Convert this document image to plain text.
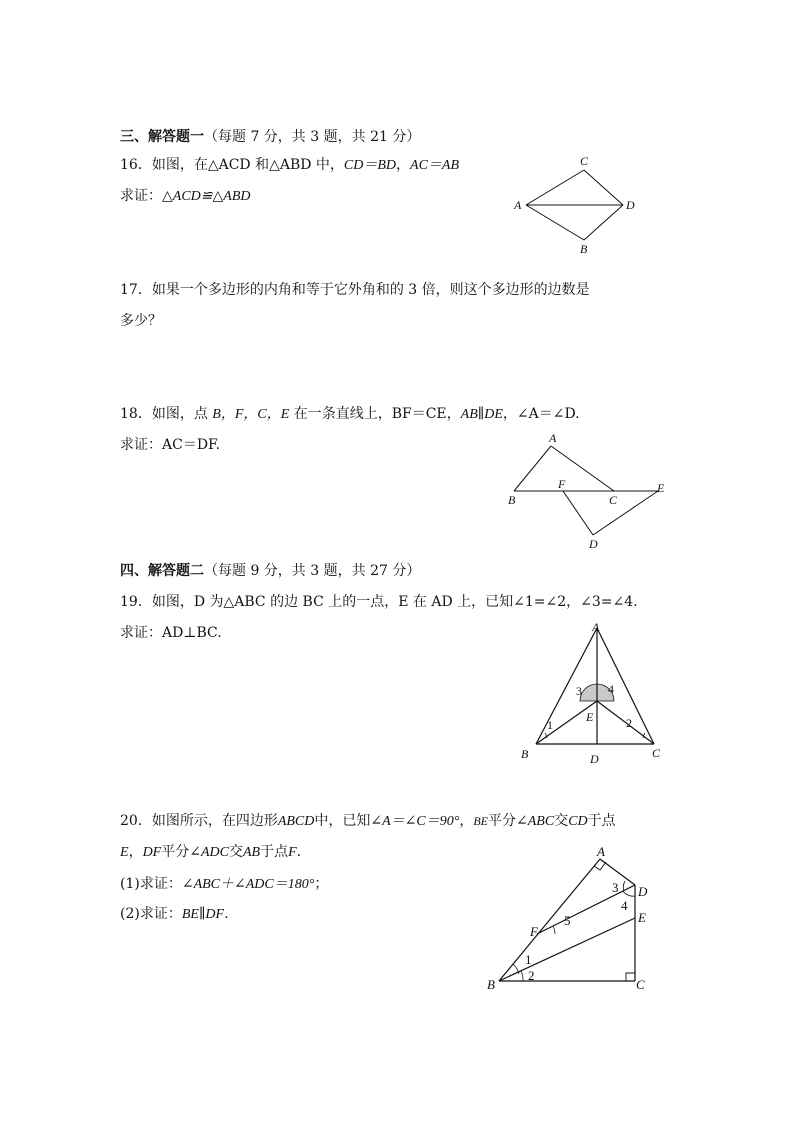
三、解答题一（每题 7 分，共 3 题，共 21 分）
16．如图，在△ACD 和△ABD 中，CD＝BD，AC＝AB
求证：△ACD≌△ABD
C
A	D
B
17．如果一个多边形的内角和等于它外角和的 3 倍，则这个多边形的边数是
多少？
18．如图，点 B，F，C，E 在一条直线上，BF＝CE，AB∥DE，∠A＝∠D.
求证：AC＝DF.	A
B
F
C
E
D
四、解答题二（每题 9 分，共 3 题，共 27 分）
19．如图，D 为△ABC 的边 BC 上的一点，E 在 AD 上，已知∠1=∠2，∠3=∠4.
求证：AD⊥BC.	A
B	C
D
E
1	2
3 4
20．如图所示，在四边形ABCD中，已知∠A＝∠C＝90°，BE平分∠ABC交CD于点
E，DF平分∠ADC交AB于点F.
(1)求证：∠ABC＋∠ADC＝180°；
(2)求证：BE∥DF.
A
D
E
F
B	C
1
2
3
4
5
